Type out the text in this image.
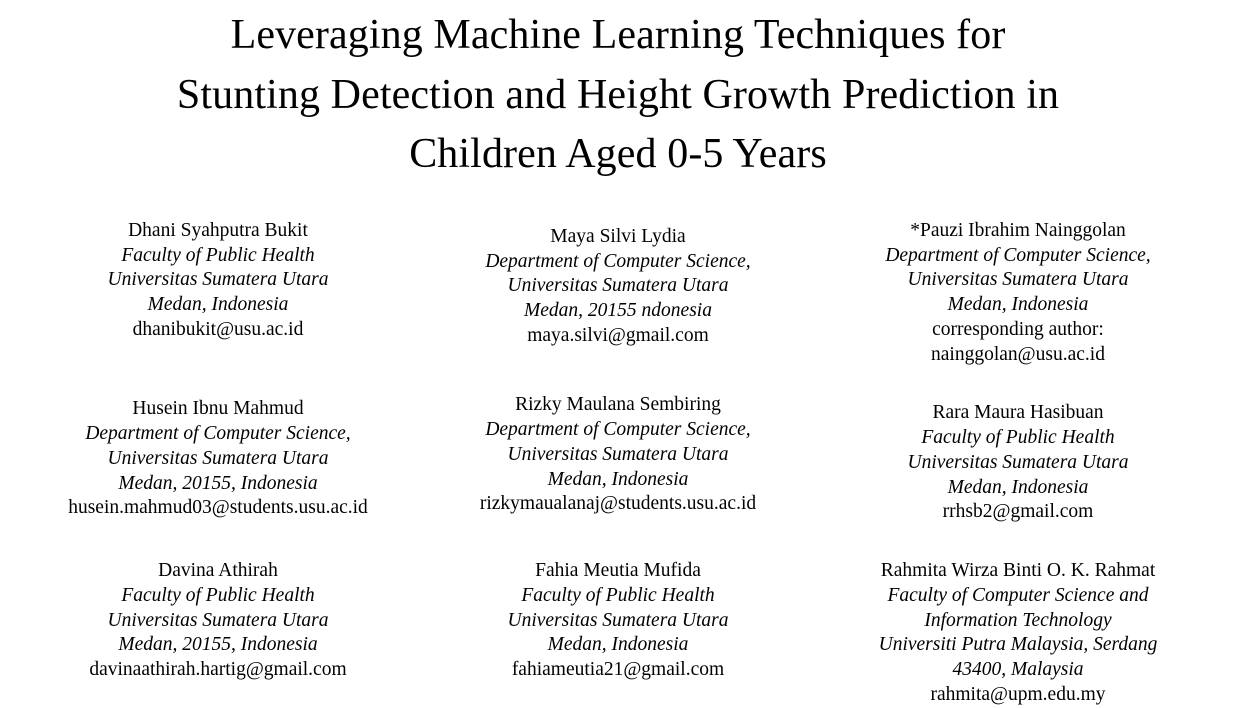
Leveraging Machine Learning Techniques for
Stunting Detection and Height Growth Prediction in
Children Aged 0-5 Years
Dhani Syahputra Bukit
Faculty of Public Health
Universitas Sumatera Utara
Medan, Indonesia
dhanibukit@usu.ac.id
Maya Silvi Lydia
Department of Computer Science,
Universitas Sumatera Utara
Medan, 20155 ndonesia
maya.silvi@gmail.com
*Pauzi Ibrahim Nainggolan
Department of Computer Science,
Universitas Sumatera Utara
Medan, Indonesia
corresponding author:
nainggolan@usu.ac.id
Husein Ibnu Mahmud
Department of Computer Science,
Universitas Sumatera Utara
Medan, 20155, Indonesia
husein.mahmud03@students.usu.ac.id
Rizky Maulana Sembiring
Department of Computer Science,
Universitas Sumatera Utara
Medan, Indonesia
rizkymaualanaj@students.usu.ac.id
Rara Maura Hasibuan
Faculty of Public Health
Universitas Sumatera Utara
Medan, Indonesia
rrhsb2@gmail.com
Davina Athirah
Faculty of Public Health
Universitas Sumatera Utara
Medan, 20155, Indonesia
davinaathirah.hartig@gmail.com
Fahia Meutia Mufida
Faculty of Public Health
Universitas Sumatera Utara
Medan, Indonesia
fahiameutia21@gmail.com
Rahmita Wirza Binti O. K. Rahmat
Faculty of Computer Science and
Information Technology
Universiti Putra Malaysia, Serdang
43400, Malaysia
rahmita@upm.edu.my
